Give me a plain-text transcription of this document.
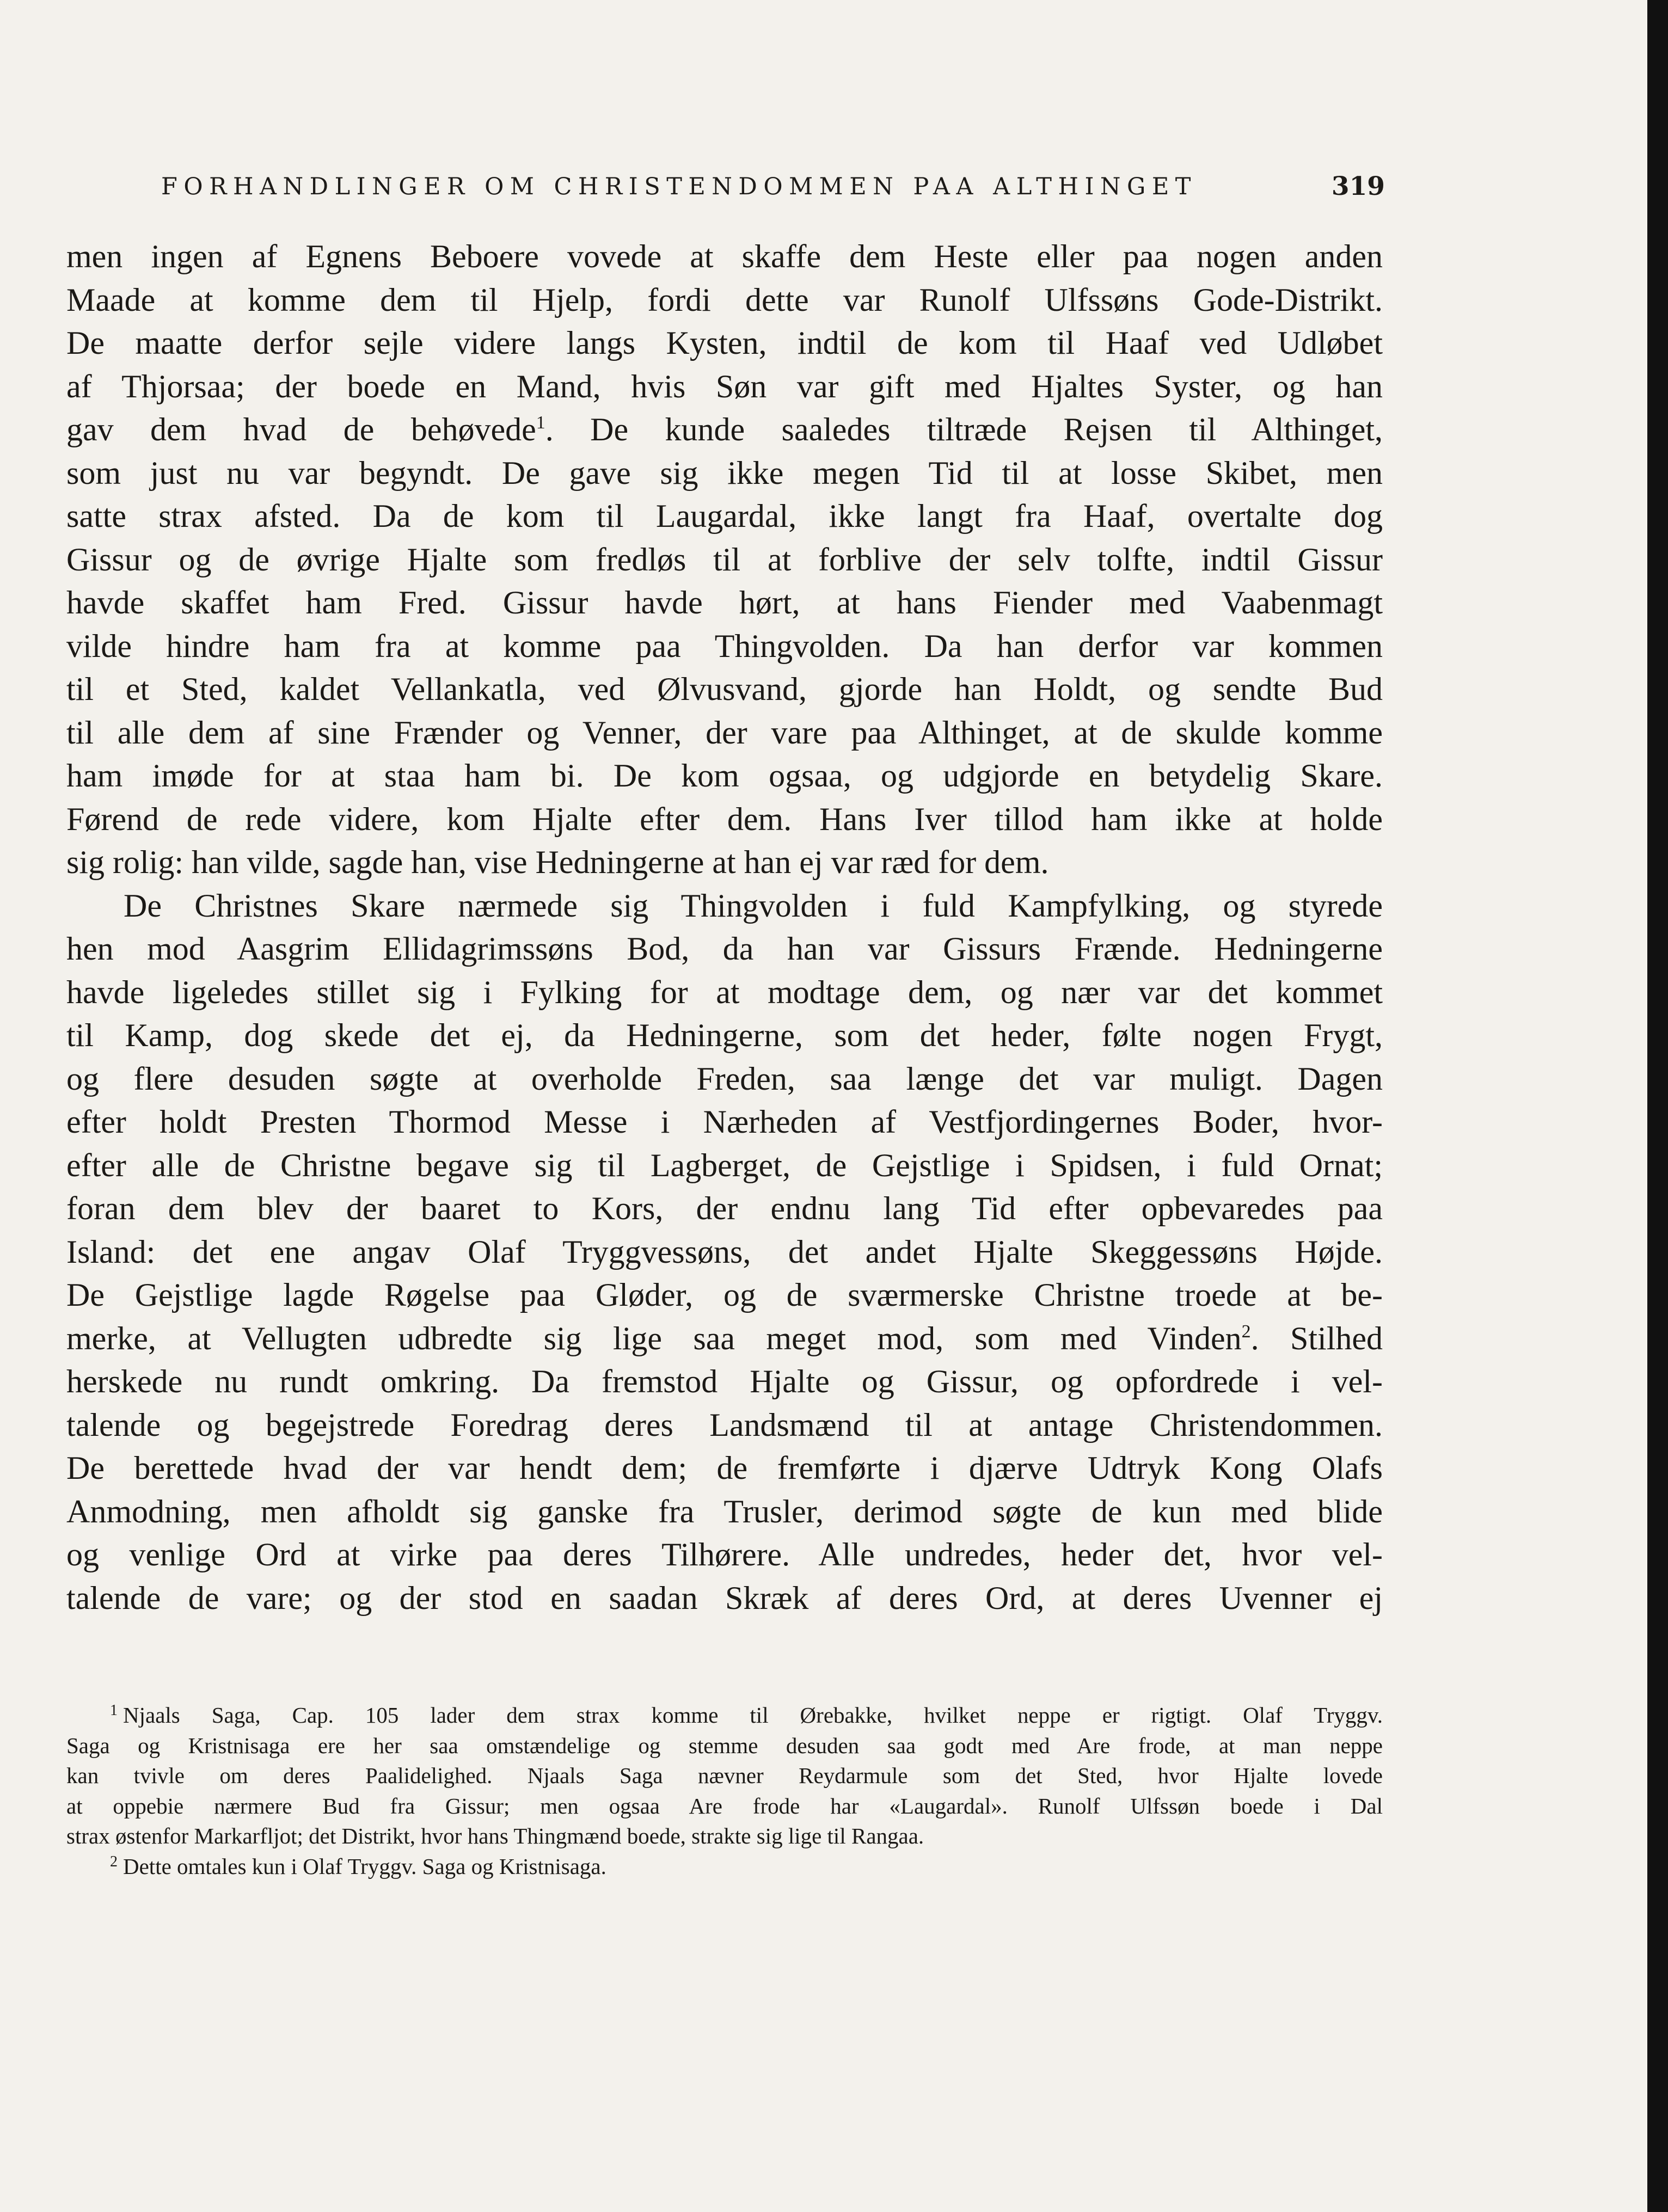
FORHANDLINGER OM CHRISTENDOMMEN PAA ALTHINGET	319
men ingen af Egnens Beboere vovede at skaffe dem Heste eller paa nogen anden
Maade at komme dem til Hjelp, fordi dette var Runolf Ulfssøns Gode-Distrikt.
De maatte derfor sejle videre langs Kysten, indtil de kom til Haaf ved Udløbet
af Thjorsaa; der boede en Mand, hvis Søn var gift med Hjaltes Syster, og han
gav dem hvad de behøvede$^1$. De kunde saaledes tiltræde Rejsen til Althinget,
som just nu var begyndt. De gave sig ikke megen Tid til at losse Skibet, men
satte strax afsted. Da de kom til Laugardal, ikke langt fra Haaf, overtalte dog
Gissur og de øvrige Hjalte som fredløs til at forblive der selv tolfte, indtil Gissur
havde skaffet ham Fred. Gissur havde hørt, at hans Fiender med Vaabenmagt
vilde hindre ham fra at komme paa Thingvolden. Da han derfor var kommen
til et Sted, kaldet Vellankatla, ved Ølvusvand, gjorde han Holdt, og sendte Bud
til alle dem af sine Frænder og Venner, der vare paa Althinget, at de skulde komme
ham imøde for at staa ham bi. De kom ogsaa, og udgjorde en betydelig Skare.
Førend de rede videre, kom Hjalte efter dem. Hans Iver tillod ham ikke at holde
sig rolig: han vilde, sagde han, vise Hedningerne at han ej var ræd for dem.
De Christnes Skare nærmede sig Thingvolden i fuld Kampfylking, og styrede
hen mod Aasgrim Ellidagrimssøns Bod, da han var Gissurs Frænde. Hedningerne
havde ligeledes stillet sig i Fylking for at modtage dem, og nær var det kommet
til Kamp, dog skede det ej, da Hedningerne, som det heder, følte nogen Frygt,
og flere desuden søgte at overholde Freden, saa længe det var muligt. Dagen
efter holdt Presten Thormod Messe i Nærheden af Vestfjordingernes Boder, hvor-
efter alle de Christne begave sig til Lagberget, de Gejstlige i Spidsen, i fuld Ornat;
foran dem blev der baaret to Kors, der endnu lang Tid efter opbevaredes paa
Island: det ene angav Olaf Tryggvessøns, det andet Hjalte Skeggessøns Højde.
De Gejstlige lagde Røgelse paa Gløder, og de sværmerske Christne troede at be-
merke, at Vellugten udbredte sig lige saa meget mod, som med Vinden$^2$. Stilhed
herskede nu rundt omkring. Da fremstod Hjalte og Gissur, og opfordrede i vel-
talende og begejstrede Foredrag deres Landsmænd til at antage Christendommen.
De berettede hvad der var hendt dem; de fremførte i djærve Udtryk Kong Olafs
Anmodning, men afholdt sig ganske fra Trusler, derimod søgte de kun med blide
og venlige Ord at virke paa deres Tilhørere. Alle undredes, heder det, hvor vel-
talende de vare; og der stod en saadan Skræk af deres Ord, at deres Uvenner ej
$^1$ Njaals Saga, Cap. 105 lader dem strax komme til Ørebakke, hvilket neppe er rigtigt. Olaf Tryggv.
Saga og Kristnisaga ere her saa omstændelige og stemme desuden saa godt med Are frode, at man neppe
kan tvivle om deres Paalidelighed. Njaals Saga nævner Reydarmule som det Sted, hvor Hjalte lovede
at oppebie nærmere Bud fra Gissur; men ogsaa Are frode har «Laugardal». Runolf Ulfssøn boede i Dal
strax østenfor Markarfljot; det Distrikt, hvor hans Thingmænd boede, strakte sig lige til Rangaa.
$^2$ Dette omtales kun i Olaf Tryggv. Saga og Kristnisaga.
